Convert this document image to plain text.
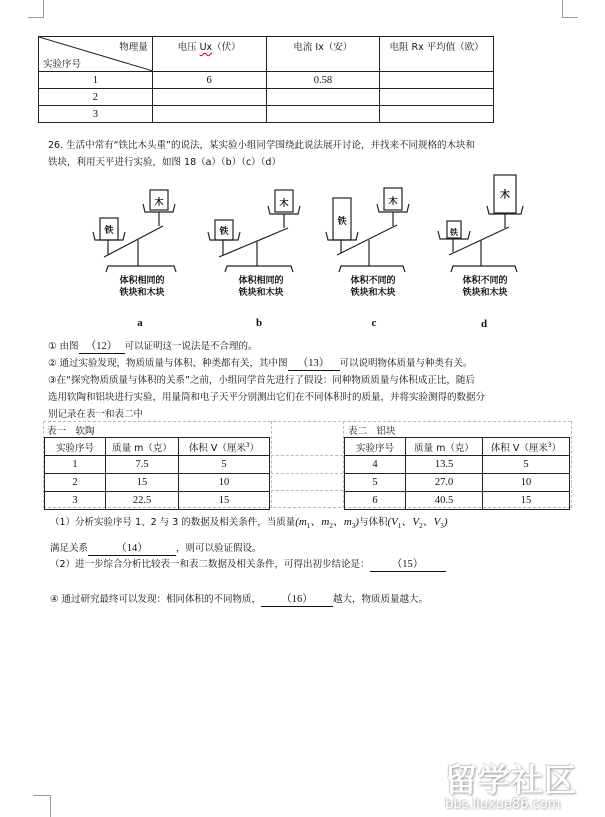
物理量
实验序号	电压 Ux（伏）	电流 Ix（安）	电阻 Rx 平均值（欧）
1	6	0.58	
2			
3			
26. 生活中常有“铁比木头重”的说法，某实验小组同学围绕此说法展开讨论，并找来不同规格的木块和
铁块，利用天平进行实验，如图 18（a）（b）（c）（d）
木
铁
体积相同的
铁块和木块
a
木
铁
体积相同的
铁块和木块
b
木
铁
体积不同的
铁块和木块
c
木
铁
体积不同的
铁块和木块
d
① 由图 （12） 可以证明这一说法是不合理的。
② 通过实验发现，物质质量与体积、种类都有关，其中图 （13） 可以说明物体质量与种类有关。
③在“探究物质质量与体积的关系”之前，小组同学首先进行了假设：同种物质质量与体积成正比，随后
选用软陶和铝块进行实验，用量筒和电子天平分别测出它们在不同体积时的质量，并将实验测得的数据分
别记录在表一和表二中
表一　软陶	表二　铝块
实验序号	质量 m（克）	体积 V（厘米$^3$）
1	7.5	5
2	15	10
3	22.5	15
实验序号	质量 m（克）	体积 V（厘米$^3$）
4	13.5	5
5	27.0	10
6	40.5	15
（1）分析实验序号 1、2 与 3 的数据及相关条件，当质量($m_1$、$m_2$、$m_3$)与体积($V_1$、$V_2$、$V_3$)
满足关系	（14）	，则可以验证假设。
（2）进一步综合分析比较表一和表二数据及相关条件，可得出初步结论是： （15）
④ 通过研究最终可以发现：相同体积的不同物质， （16） 越大，物质质量越大。
留学社区
bbs.liuxue86.com
